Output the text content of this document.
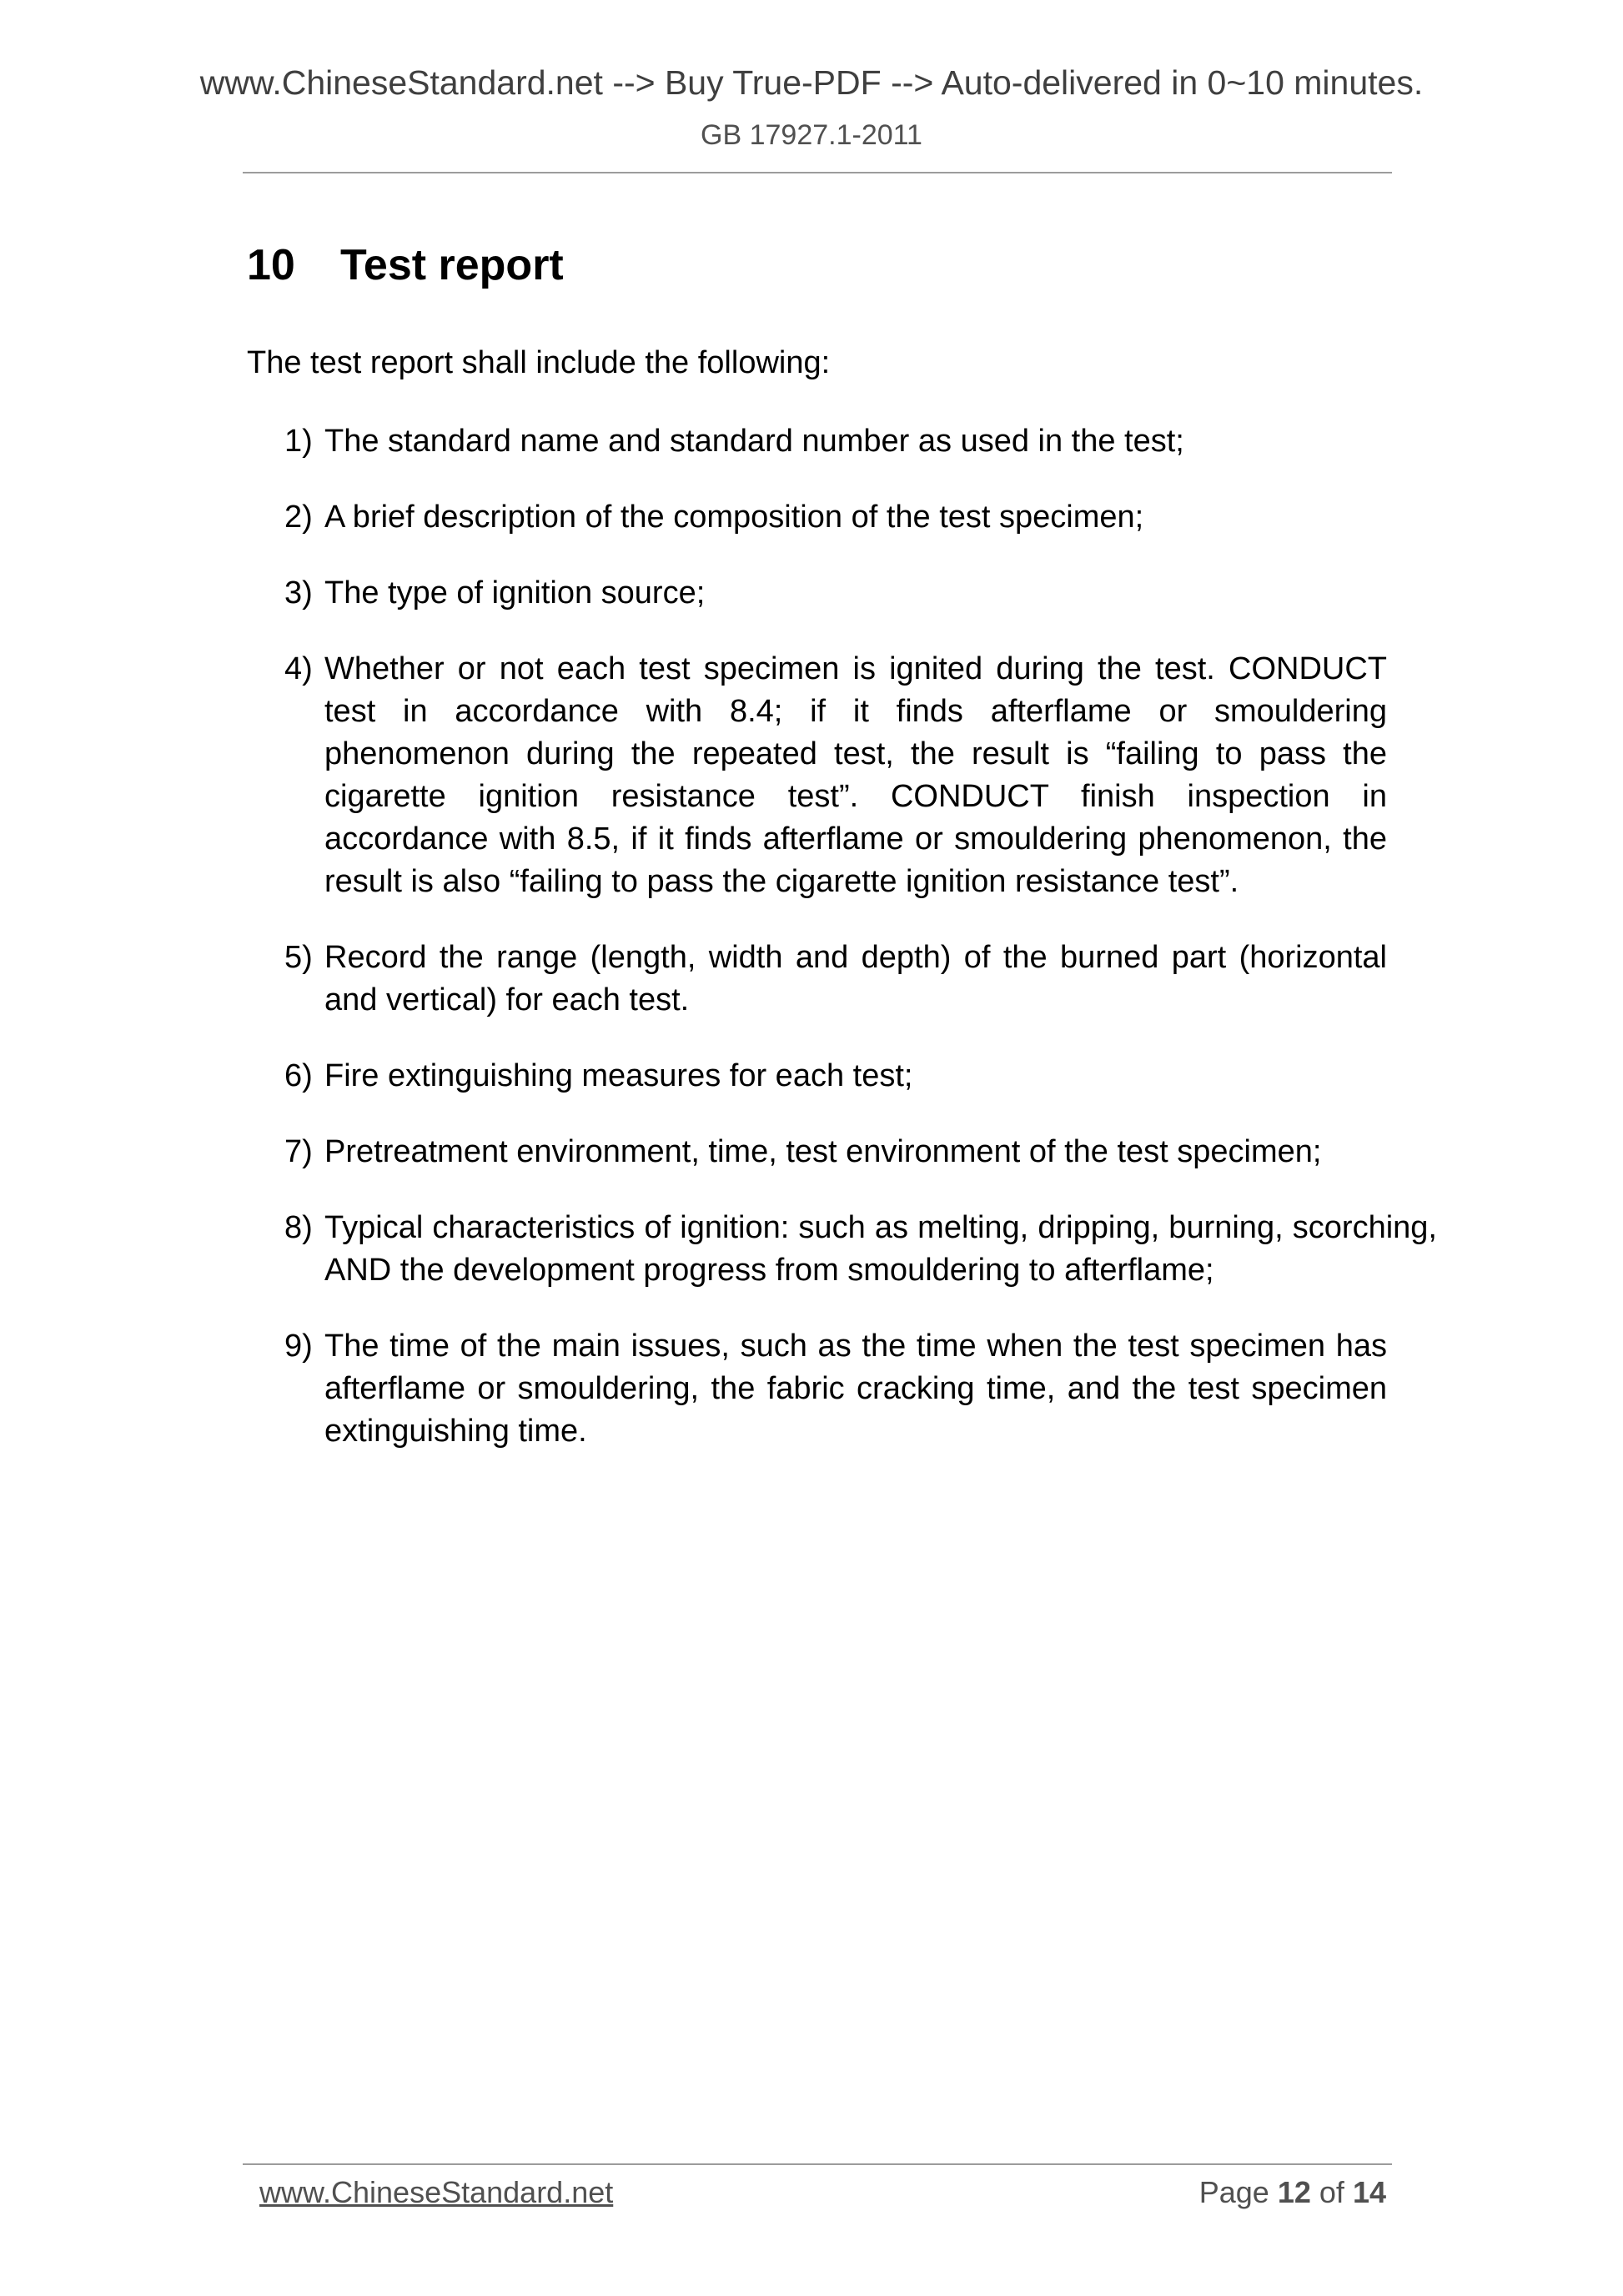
www.ChineseStandard.net --> Buy True-PDF --> Auto-delivered in 0~10 minutes.
GB 17927.1-2011
10 Test report

The test report shall include the following:

1) The standard name and standard number as used in the test;
2) A brief description of the composition of the test specimen;
3) The type of ignition source;
4) Whether or not each test specimen is ignited during the test. CONDUCT test in accordance with 8.4; if it finds afterflame or smouldering phenomenon during the repeated test, the result is “failing to pass the cigarette ignition resistance test”. CONDUCT finish inspection in accordance with 8.5, if it finds afterflame or smouldering phenomenon, the result is also “failing to pass the cigarette ignition resistance test”.
5) Record the range (length, width and depth) of the burned part (horizontal and vertical) for each test.
6) Fire extinguishing measures for each test;
7) Pretreatment environment, time, test environment of the test specimen;
8) Typical characteristics of ignition: such as melting, dripping, burning, scorching, AND the development progress from smouldering to afterflame;
9) The time of the main issues, such as the time when the test specimen has afterflame or smouldering, the fabric cracking time, and the test specimen extinguishing time.
www.ChineseStandard.net	Page 12 of 14
